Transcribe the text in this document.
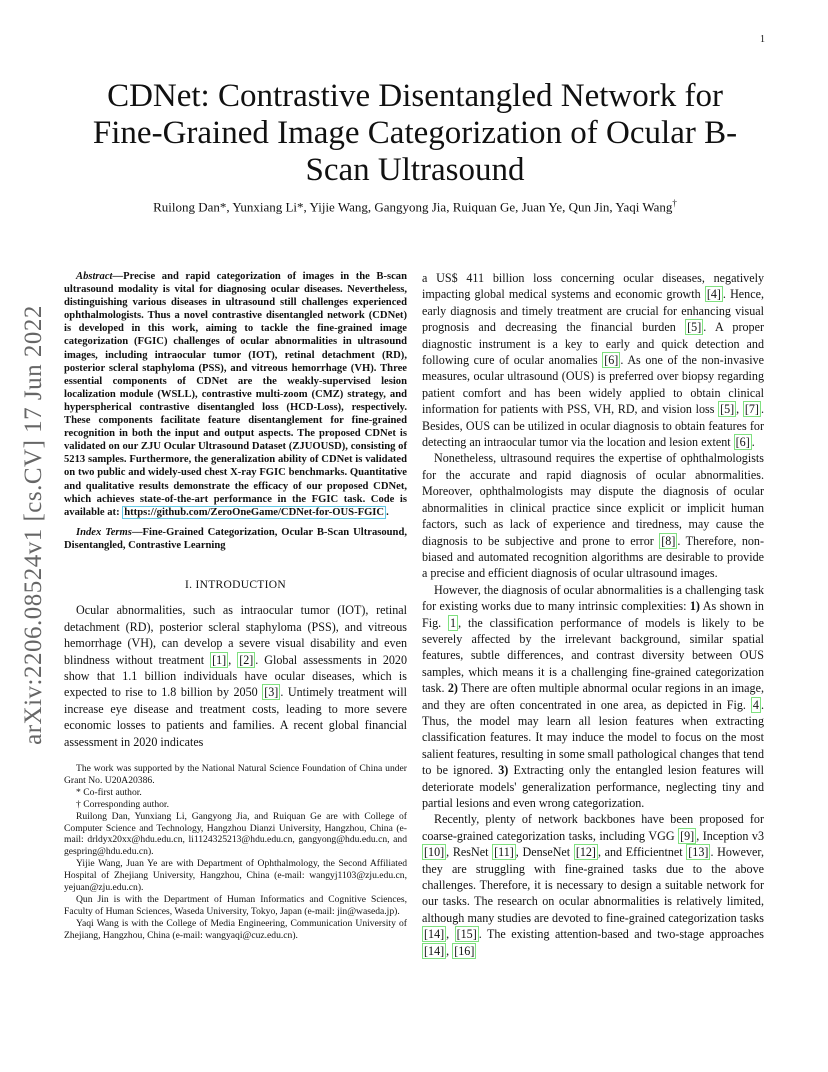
1
arXiv:2206.08524v1 [cs.CV] 17 Jun 2022
CDNet: Contrastive Disentangled Network for Fine-Grained Image Categorization of Ocular B-Scan Ultrasound

Ruilong Dan*, Yunxiang Li*, Yijie Wang, Gangyong Jia, Ruiquan Ge, Juan Ye, Qun Jin, Yaqi Wang†

Abstract—Precise and rapid categorization of images in the B-scan ultrasound modality is vital for diagnosing ocular diseases. Nevertheless, distinguishing various diseases in ultrasound still challenges experienced ophthalmologists. Thus a novel contrastive disentangled network (CDNet) is developed in this work, aiming to tackle the fine-grained image categorization (FGIC) challenges of ocular abnormalities in ultrasound images, including intraocular tumor (IOT), retinal detachment (RD), posterior scleral staphyloma (PSS), and vitreous hemorrhage (VH). Three essential components of CDNet are the weakly-supervised lesion localization module (WSLL), contrastive multi-zoom (CMZ) strategy, and hyperspherical contrastive disentangled loss (HCD-Loss), respectively. These components facilitate feature disentanglement for fine-grained recognition in both the input and output aspects. The proposed CDNet is validated on our ZJU Ocular Ultrasound Dataset (ZJUOUSD), consisting of 5213 samples. Furthermore, the generalization ability of CDNet is validated on two public and widely-used chest X-ray FGIC benchmarks. Quantitative and qualitative results demonstrate the efficacy of our proposed CDNet, which achieves state-of-the-art performance in the FGIC task. Code is available at: https://github.com/ZeroOneGame/CDNet-for-OUS-FGIC .

Index Terms—Fine-Grained Categorization, Ocular B-Scan Ultrasound, Disentangled, Contrastive Learning

I. INTRODUCTION

Ocular abnormalities, such as intraocular tumor (IOT), retinal detachment (RD), posterior scleral staphyloma (PSS), and vitreous hemorrhage (VH), can develop a severe visual disability and even blindness without treatment [1] , [2] . Global assessments in 2020 show that 1.1 billion individuals have ocular diseases, which is expected to rise to 1.8 billion by 2050 [3] . Untimely treatment will increase eye disease and treatment costs, leading to more severe economic losses to patients and families. A recent global financial assessment in 2020 indicates

The work was supported by the National Natural Science Foundation of China under Grant No. U20A20386.

* Co-first author.

† Corresponding author.

Ruilong Dan, Yunxiang Li, Gangyong Jia, and Ruiquan Ge are with College of Computer Science and Technology, Hangzhou Dianzi University, Hangzhou, China (e-mail: drldyx20xx@hdu.edu.cn, li1124325213@hdu.edu.cn, gangyong@hdu.edu.cn, and gespring@hdu.edu.cn).

Yijie Wang, Juan Ye are with Department of Ophthalmology, the Second Affiliated Hospital of Zhejiang University, Hangzhou, China (e-mail: wangyj1103@zju.edu.cn, yejuan@zju.edu.cn).

Qun Jin is with the Department of Human Informatics and Cognitive Sciences, Faculty of Human Sciences, Waseda University, Tokyo, Japan (e-mail: jin@waseda.jp).

Yaqi Wang is with the College of Media Engineering, Communication University of Zhejiang, Hangzhou, China (e-mail: wangyaqi@cuz.edu.cn).

a US$ 411 billion loss concerning ocular diseases, negatively impacting global medical systems and economic growth [4] . Hence, early diagnosis and timely treatment are crucial for enhancing visual prognosis and decreasing the financial burden [5] . A proper diagnostic instrument is a key to early and quick detection and following cure of ocular anomalies [6] . As one of the non-invasive measures, ocular ultrasound (OUS) is preferred over biopsy regarding patient comfort and has been widely applied to obtain clinical information for patients with PSS, VH, RD, and vision loss [5] , [7] . Besides, OUS can be utilized in ocular diagnosis to obtain features for detecting an intraocular tumor via the location and lesion extent [6] .

Nonetheless, ultrasound requires the expertise of ophthalmologists for the accurate and rapid diagnosis of ocular abnormalities. Moreover, ophthalmologists may dispute the diagnosis of ocular abnormalities in clinical practice since explicit or implicit human factors, such as lack of experience and tiredness, may cause the diagnosis to be subjective and prone to error [8] . Therefore, non-biased and automated recognition algorithms are desirable to provide a precise and efficient diagnosis of ocular ultrasound images.

However, the diagnosis of ocular abnormalities is a challenging task for existing works due to many intrinsic complexities: 1) As shown in Fig. 1 , the classification performance of models is likely to be severely affected by the irrelevant background, similar spatial features, subtle differences, and contrast diversity between OUS samples, which means it is a challenging fine-grained categorization task. 2) There are often multiple abnormal ocular regions in an image, and they are often concentrated in one area, as depicted in Fig. 4 . Thus, the model may learn all lesion features when extracting classification features. It may induce the model to focus on the most salient features, resulting in some small pathological changes that tend to be ignored. 3) Extracting only the entangled lesion features will deteriorate models' generalization performance, neglecting tiny and partial lesions and even wrong categorization.

Recently, plenty of network backbones have been proposed for coarse-grained categorization tasks, including VGG [9] , Inception v3 [10] , ResNet [11] , DenseNet [12] , and Efficientnet [13] . However, they are struggling with fine-grained tasks due to the above challenges. Therefore, it is necessary to design a suitable network for our tasks. The research on ocular abnormalities is relatively limited, although many studies are devoted to fine-grained categorization tasks [14] , [15] . The existing attention-based and two-stage approaches [14] , [16]
